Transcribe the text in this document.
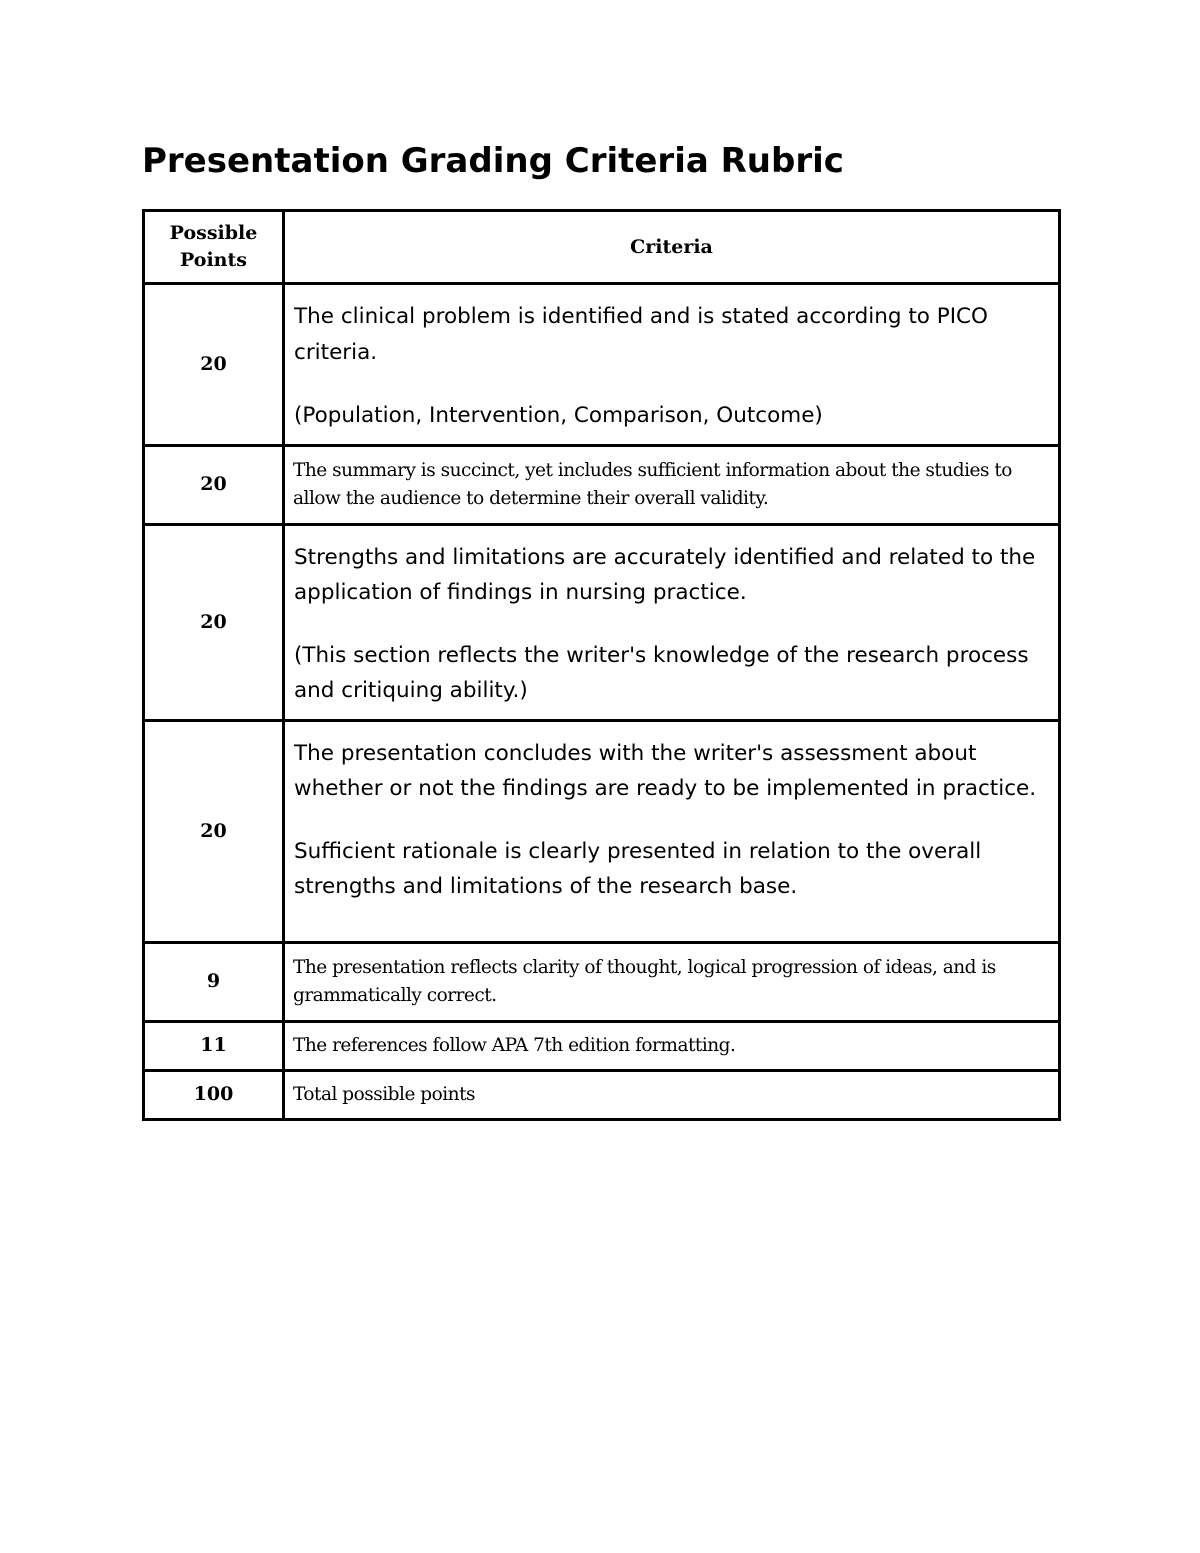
Presentation Grading Criteria Rubric
Possible Points	Criteria
20	The clinical problem is identified and is stated according to PICO criteria.

(Population, Intervention, Comparison, Outcome)

20	The summary is succinct, yet includes sufficient information about the studies to allow the audience to determine their overall validity.
20	Strengths and limitations are accurately identified and related to the application of findings in nursing practice.

(This section reflects the writer's knowledge of the research process and critiquing ability.)

20	The presentation concludes with the writer's assessment about whether or not the findings are ready to be implemented in practice.

Sufficient rationale is clearly presented in relation to the overall strengths and limitations of the research base.

9	The presentation reflects clarity of thought, logical progression of ideas, and is grammatically correct.
11	The references follow APA 7th edition formatting.
100	Total possible points
